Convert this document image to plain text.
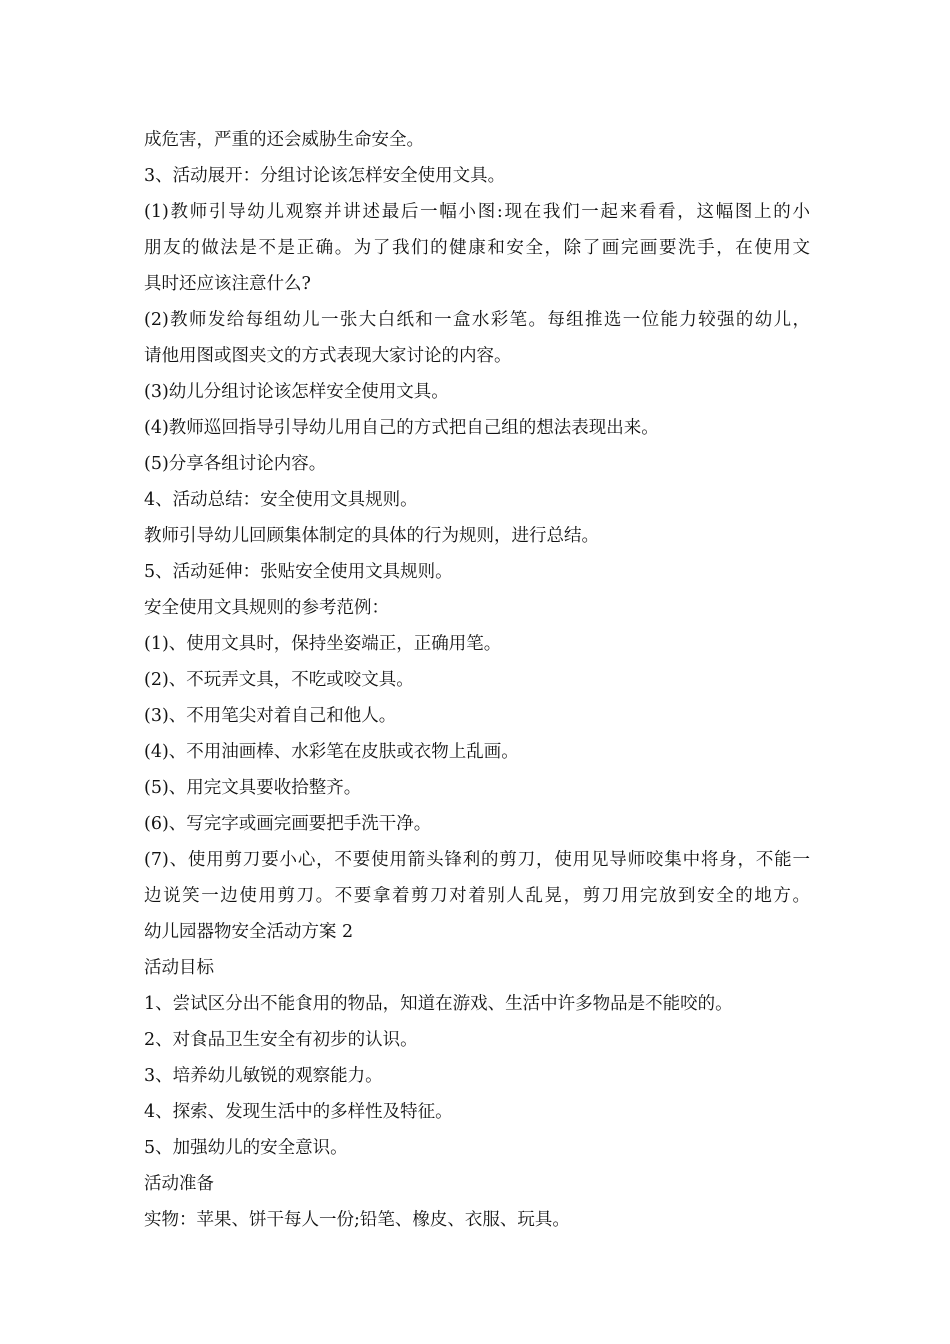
成危害，严重的还会威胁生命安全。

3、活动展开：分组讨论该怎样安全使用文具。

(1)教师引导幼儿观察并讲述最后一幅小图:现在我们一起来看看，这幅图上的小

朋友的做法是不是正确。为了我们的健康和安全，除了画完画要洗手，在使用文

具时还应该注意什么?

(2)教师发给每组幼儿一张大白纸和一盒水彩笔。每组推选一位能力较强的幼儿，

请他用图或图夹文的方式表现大家讨论的内容。

(3)幼儿分组讨论该怎样安全使用文具。

(4)教师巡回指导引导幼儿用自己的方式把自己组的想法表现出来。

(5)分享各组讨论内容。

4、活动总结：安全使用文具规则。

教师引导幼儿回顾集体制定的具体的行为规则，进行总结。

5、活动延伸：张贴安全使用文具规则。

安全使用文具规则的参考范例：

(1)、使用文具时，保持坐姿端正，正确用笔。

(2)、不玩弄文具，不吃或咬文具。

(3)、不用笔尖对着自己和他人。

(4)、不用油画棒、水彩笔在皮肤或衣物上乱画。

(5)、用完文具要收拾整齐。

(6)、写完字或画完画要把手洗干净。

(7)、使用剪刀要小心，不要使用箭头锋利的剪刀，使用见导师咬集中将身，不能一

边说笑一边使用剪刀。不要拿着剪刀对着别人乱晃，剪刀用完放到安全的地方。

幼儿园器物安全活动方案 2

活动目标

1、尝试区分出不能食用的物品，知道在游戏、生活中许多物品是不能咬的。

2、对食品卫生安全有初步的认识。

3、培养幼儿敏锐的观察能力。

4、探索、发现生活中的多样性及特征。

5、加强幼儿的安全意识。

活动准备

实物：苹果、饼干每人一份;铅笔、橡皮、衣服、玩具。
